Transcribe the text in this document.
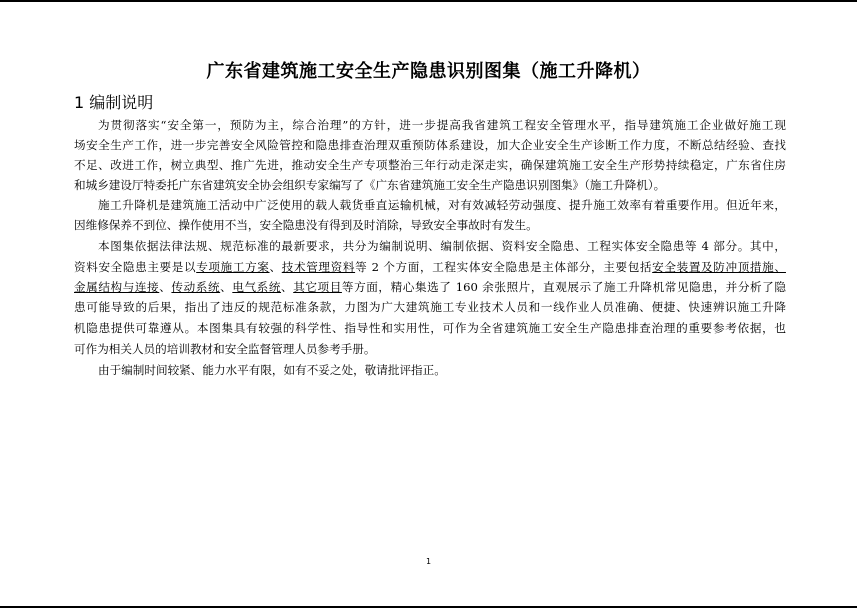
广东省建筑施工安全生产隐患识别图集（施工升降机）
1 编制说明
为贯彻落实“安全第一，预防为主，综合治理”的方针，进一步提高我省建筑工程安全管理水平，指导建筑施工企业做好施工现
场安全生产工作，进一步完善安全风险管控和隐患排查治理双重预防体系建设，加大企业安全生产诊断工作力度，不断总结经验、查找
不足、改进工作，树立典型、推广先进，推动安全生产专项整治三年行动走深走实，确保建筑施工安全生产形势持续稳定，广东省住房
和城乡建设厅特委托广东省建筑安全协会组织专家编写了《广东省建筑施工安全生产隐患识别图集》（施工升降机）。
施工升降机是建筑施工活动中广泛使用的载人载货垂直运输机械，对有效减轻劳动强度、提升施工效率有着重要作用。但近年来，
因维修保养不到位、操作使用不当，安全隐患没有得到及时消除，导致安全事故时有发生。
本图集依据法律法规、规范标准的最新要求，共分为编制说明、编制依据、资料安全隐患、工程实体安全隐患等 4 部分。其中，
资料安全隐患主要是以专项施工方案、技术管理资料等 2 个方面，工程实体安全隐患是主体部分，主要包括安全装置及防冲顶措施、
金属结构与连接、传动系统、电气系统、其它项目等方面，精心集选了 160 余张照片，直观展示了施工升降机常见隐患，并分析了隐
患可能导致的后果，指出了违反的规范标准条款，力图为广大建筑施工专业技术人员和一线作业人员准确、便捷、快速辨识施工升降
机隐患提供可靠遵从。本图集具有较强的科学性、指导性和实用性，可作为全省建筑施工安全生产隐患排查治理的重要参考依据，也
可作为相关人员的培训教材和安全监督管理人员参考手册。
由于编制时间较紧、能力水平有限，如有不妥之处，敬请批评指正。
1
